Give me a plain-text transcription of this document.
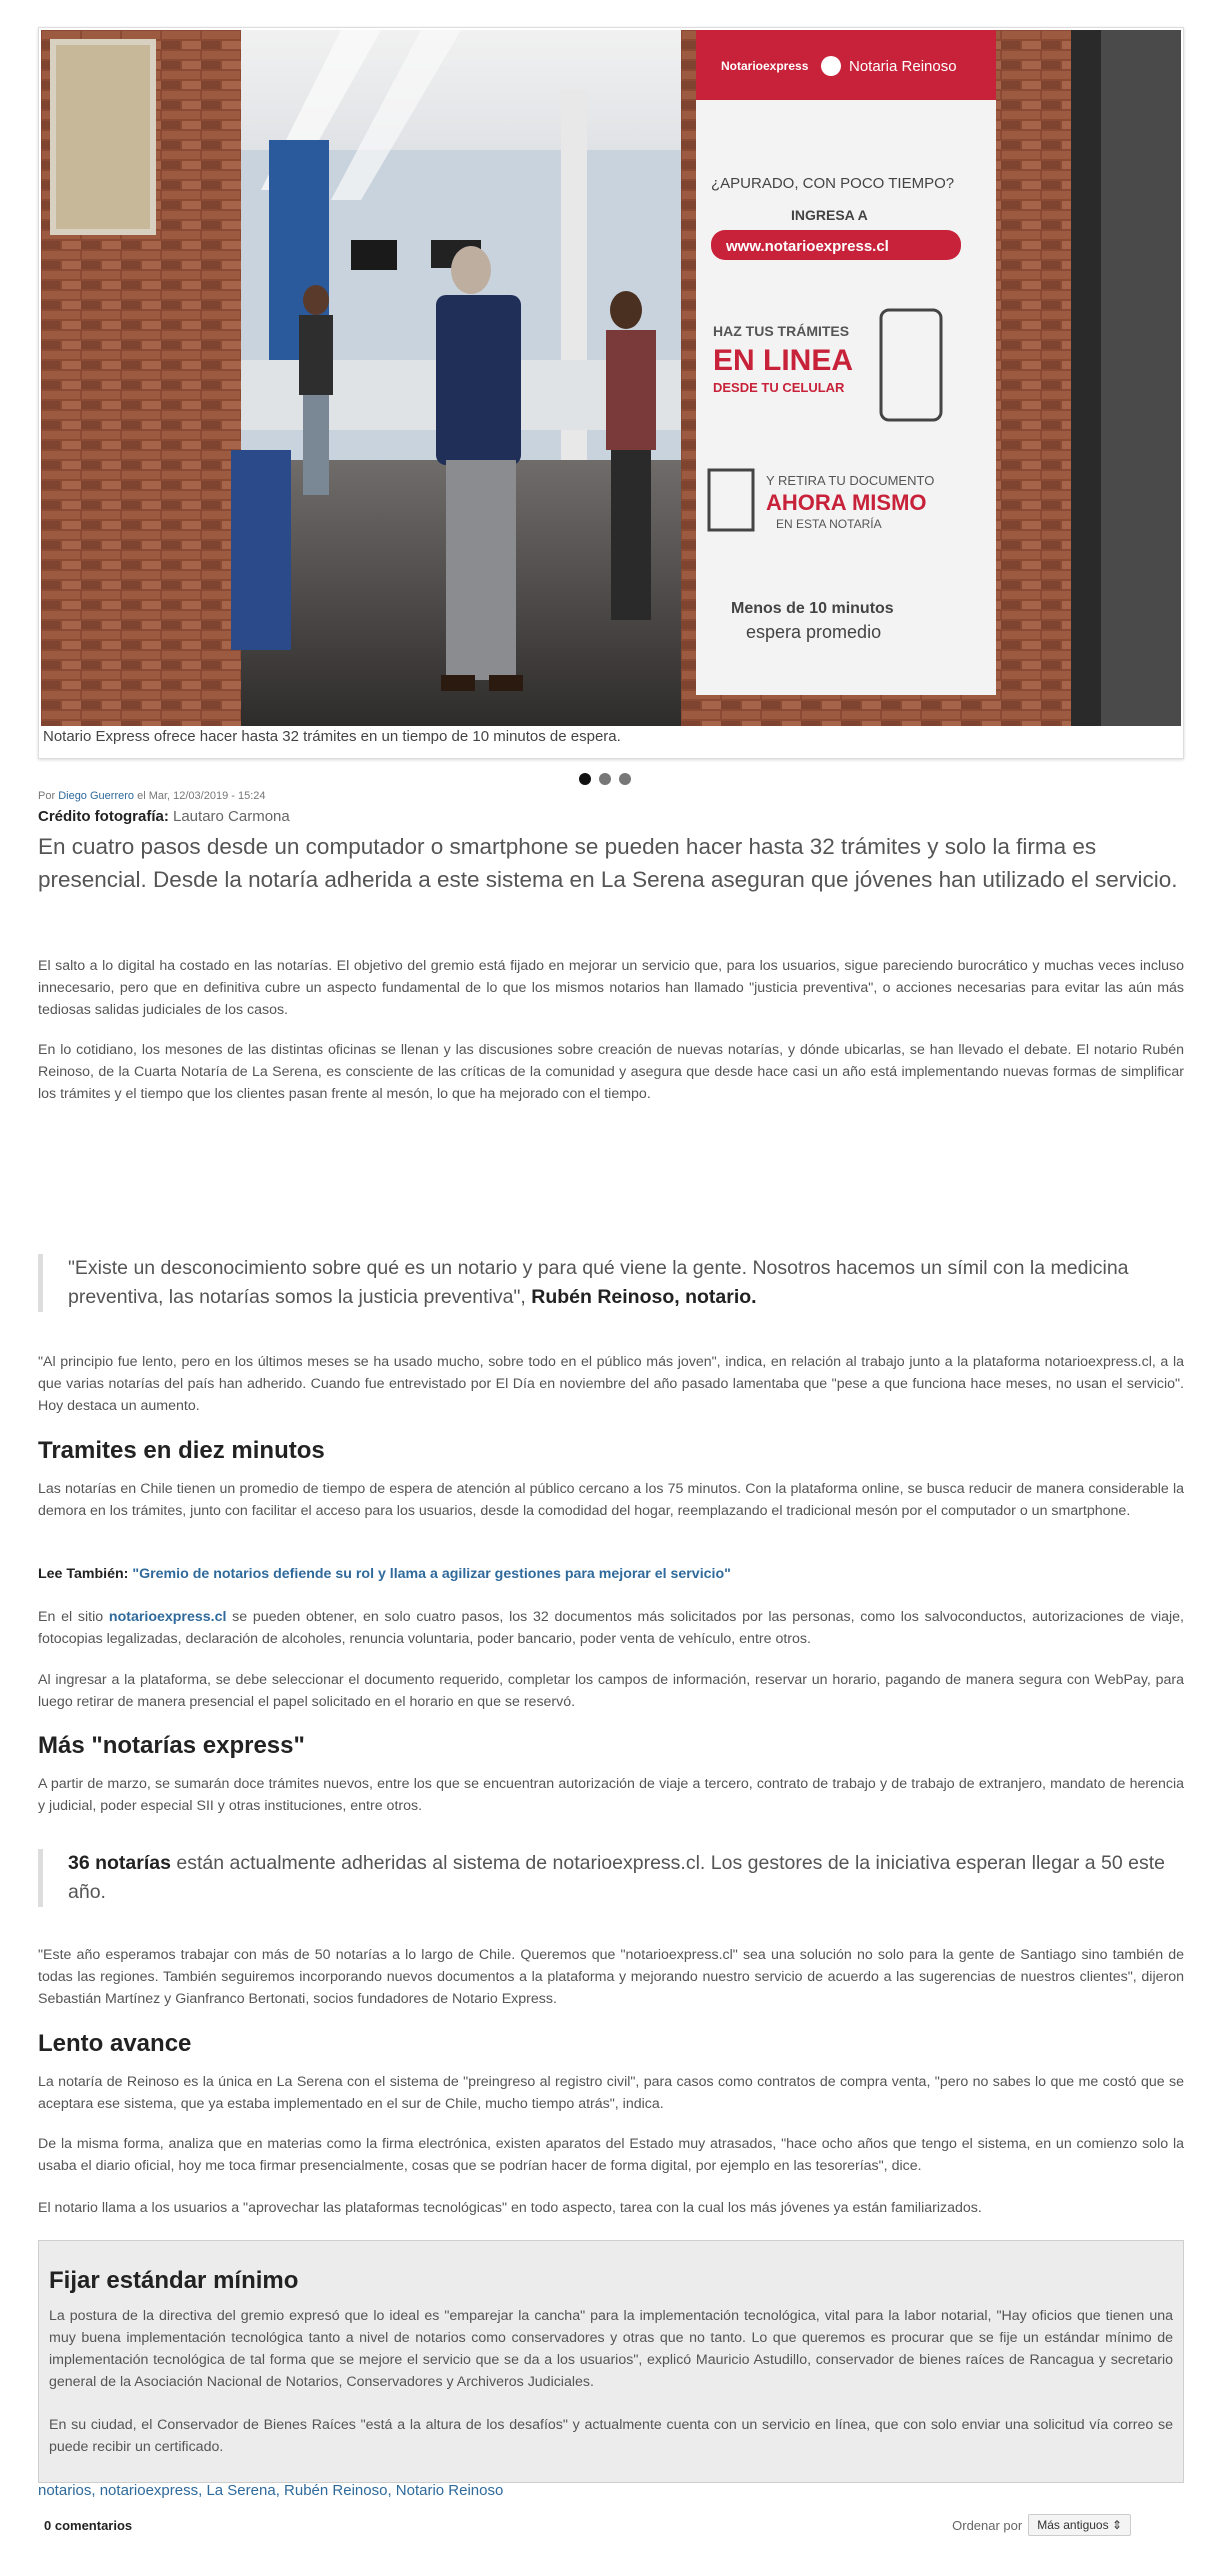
Notarioexpress	Notaria Reinoso
¿APURADO, CON POCO TIEMPO?
INGRESA A
www.notarioexpress.cl
HAZ TUS TRÁMITES
EN LINEA
DESDE TU CELULAR
Y RETIRA TU DOCUMENTO
AHORA MISMO
EN ESTA NOTARÍA
Menos de 10 minutos
espera promedio
Notario Express ofrece hacer hasta 32 trámites en un tiempo de 10 minutos de espera.
Por Diego Guerrero el Mar, 12/03/2019 - 15:24
Crédito fotografía: Lautaro Carmona
En cuatro pasos desde un computador o smartphone se pueden hacer hasta 32 trámites y solo la firma es presencial. Desde la notaría adherida a este sistema en La Serena aseguran que jóvenes han utilizado el servicio.

El salto a lo digital ha costado en las notarías. El objetivo del gremio está fijado en mejorar un servicio que, para los usuarios, sigue pareciendo burocrático y muchas veces incluso innecesario, pero que en definitiva cubre un aspecto fundamental de lo que los mismos notarios han llamado "justicia preventiva", o acciones necesarias para evitar las aún más tediosas salidas judiciales de los casos.

En lo cotidiano, los mesones de las distintas oficinas se llenan y las discusiones sobre creación de nuevas notarías, y dónde ubicarlas, se han llevado el debate. El notario Rubén Reinoso, de la Cuarta Notaría de La Serena, es consciente de las críticas de la comunidad y asegura que desde hace casi un año está implementando nuevas formas de simplificar los trámites y el tiempo que los clientes pasan frente al mesón, lo que ha mejorado con el tiempo.

"Existe un desconocimiento sobre qué es un notario y para qué viene la gente. Nosotros hacemos un símil con la medicina preventiva, las notarías somos la justicia preventiva", Rubén Reinoso, notario.

"Al principio fue lento, pero en los últimos meses se ha usado mucho, sobre todo en el público más joven", indica, en relación al trabajo junto a la plataforma notarioexpress.cl, a la que varias notarías del país han adherido. Cuando fue entrevistado por El Día en noviembre del año pasado lamentaba que "pese a que funciona hace meses, no usan el servicio". Hoy destaca un aumento.

Tramites en diez minutos

Las notarías en Chile tienen un promedio de tiempo de espera de atención al público cercano a los 75 minutos. Con la plataforma online, se busca reducir de manera considerable la demora en los trámites, junto con facilitar el acceso para los usuarios, desde la comodidad del hogar, reemplazando el tradicional mesón por el computador o un smartphone.

Lee También: "Gremio de notarios defiende su rol y llama a agilizar gestiones para mejorar el servicio"

En el sitio notarioexpress.cl se pueden obtener, en solo cuatro pasos, los 32 documentos más solicitados por las personas, como los salvoconductos, autorizaciones de viaje, fotocopias legalizadas, declaración de alcoholes, renuncia voluntaria, poder bancario, poder venta de vehículo, entre otros.

Al ingresar a la plataforma, se debe seleccionar el documento requerido, completar los campos de información, reservar un horario, pagando de manera segura con WebPay, para luego retirar de manera presencial el papel solicitado en el horario en que se reservó.

Más "notarías express"

A partir de marzo, se sumarán doce trámites nuevos, entre los que se encuentran autorización de viaje a tercero, contrato de trabajo y de trabajo de extranjero, mandato de herencia y judicial, poder especial SII y otras instituciones, entre otros.

36 notarías están actualmente adheridas al sistema de notarioexpress.cl. Los gestores de la iniciativa esperan llegar a 50 este año.

"Este año esperamos trabajar con más de 50 notarías a lo largo de Chile. Queremos que "notarioexpress.cl" sea una solución no solo para la gente de Santiago sino también de todas las regiones. También seguiremos incorporando nuevos documentos a la plataforma y mejorando nuestro servicio de acuerdo a las sugerencias de nuestros clientes", dijeron Sebastián Martínez y Gianfranco Bertonati, socios fundadores de Notario Express.

Lento avance

La notaría de Reinoso es la única en La Serena con el sistema de "preingreso al registro civil", para casos como contratos de compra venta, "pero no sabes lo que me costó que se aceptara ese sistema, que ya estaba implementado en el sur de Chile, mucho tiempo atrás", indica.

De la misma forma, analiza que en materias como la firma electrónica, existen aparatos del Estado muy atrasados, "hace ocho años que tengo el sistema, en un comienzo solo la usaba el diario oficial, hoy me toca firmar presencialmente, cosas que se podrían hacer de forma digital, por ejemplo en las tesorerías", dice.

El notario llama a los usuarios a "aprovechar las plataformas tecnológicas" en todo aspecto, tarea con la cual los más jóvenes ya están familiarizados.

Fijar estándar mínimo

La postura de la directiva del gremio expresó que lo ideal es "emparejar la cancha" para la implementación tecnológica, vital para la labor notarial, "Hay oficios que tienen una muy buena implementación tecnológica tanto a nivel de notarios como conservadores y otras que no tanto. Lo que queremos es procurar que se fije un estándar mínimo de implementación tecnológica de tal forma que se mejore el servicio que se da a los usuarios", explicó Mauricio Astudillo, conservador de bienes raíces de Rancagua y secretario general de la Asociación Nacional de Notarios, Conservadores y Archiveros Judiciales.

En su ciudad, el Conservador de Bienes Raíces "está a la altura de los desafíos" y actualmente cuenta con un servicio en línea, que con solo enviar una solicitud vía correo se puede recibir un certificado.

notarios, notarioexpress, La Serena, Rubén Reinoso, Notario Reinoso
0 comentarios	Ordenar por	Más antiguos ⇕
